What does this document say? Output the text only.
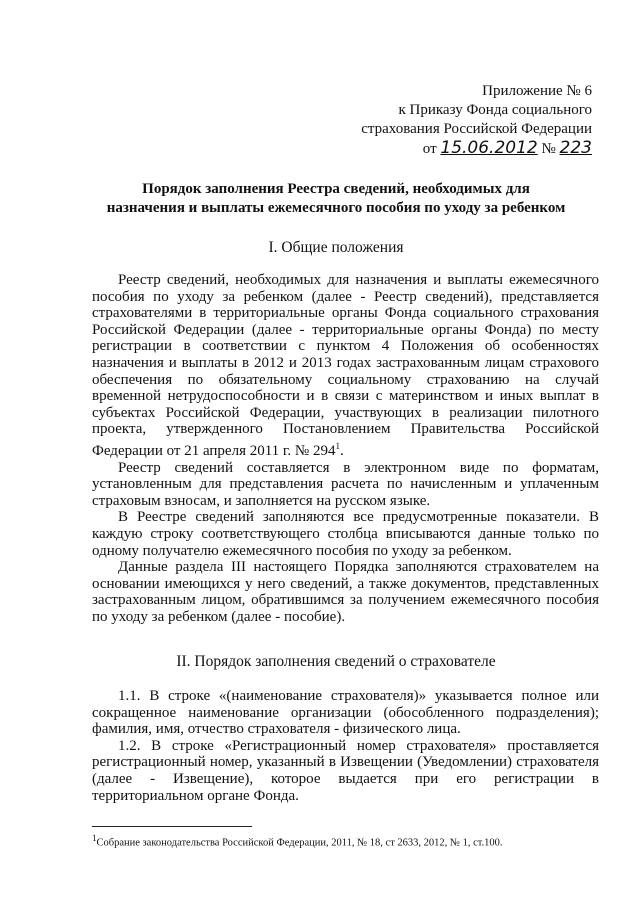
Приложение № 6
к Приказу Фонда социального
страхования Российской Федерации
от 15.06.2012 № 223
Порядок заполнения Реестра сведений, необходимых для
назначения и выплаты ежемесячного пособия по уходу за ребенком
I. Общие положения

Реестр сведений, необходимых для назначения и выплаты ежемесячного пособия по уходу за ребенком (далее - Реестр сведений), представляется страхователями в территориальные органы Фонда социального страхования Российской Федерации (далее - территориальные органы Фонда) по месту регистрации в соответствии с пунктом 4 Положения об особенностях назначения и выплаты в 2012 и 2013 годах застрахованным лицам страхового обеспечения по обязательному социальному страхованию на случай временной нетрудоспособности и в связи с материнством и иных выплат в субъектах Российской Федерации, участвующих в реализации пилотного проекта, утвержденного Постановлением Правительства Российской Федерации от 21 апреля 2011 г. № $294^1$.

Реестр сведений составляется в электронном виде по форматам, установленным для представления расчета по начисленным и уплаченным страховым взносам, и заполняется на русском языке.

В Реестре сведений заполняются все предусмотренные показатели. В каждую строку соответствующего столбца вписываются данные только по одному получателю ежемесячного пособия по уходу за ребенком.

Данные раздела III настоящего Порядка заполняются страхователем на основании имеющихся у него сведений, а также документов, представленных застрахованным лицом, обратившимся за получением ежемесячного пособия по уходу за ребенком (далее - пособие).

II. Порядок заполнения сведений о страхователе

1.1. В строке «(наименование страхователя)» указывается полное или сокращенное наименование организации (обособленного подразделения); фамилия, имя, отчество страхователя - физического лица.

1.2. В строке «Регистрационный номер страхователя» проставляется регистрационный номер, указанный в Извещении (Уведомлении) страхователя (далее - Извещение), которое выдается при его регистрации в территориальном органе Фонда.

$^1$Собрание законодательства Российской Федерации, 2011, № 18, ст 2633, 2012, № 1, ст.100.
